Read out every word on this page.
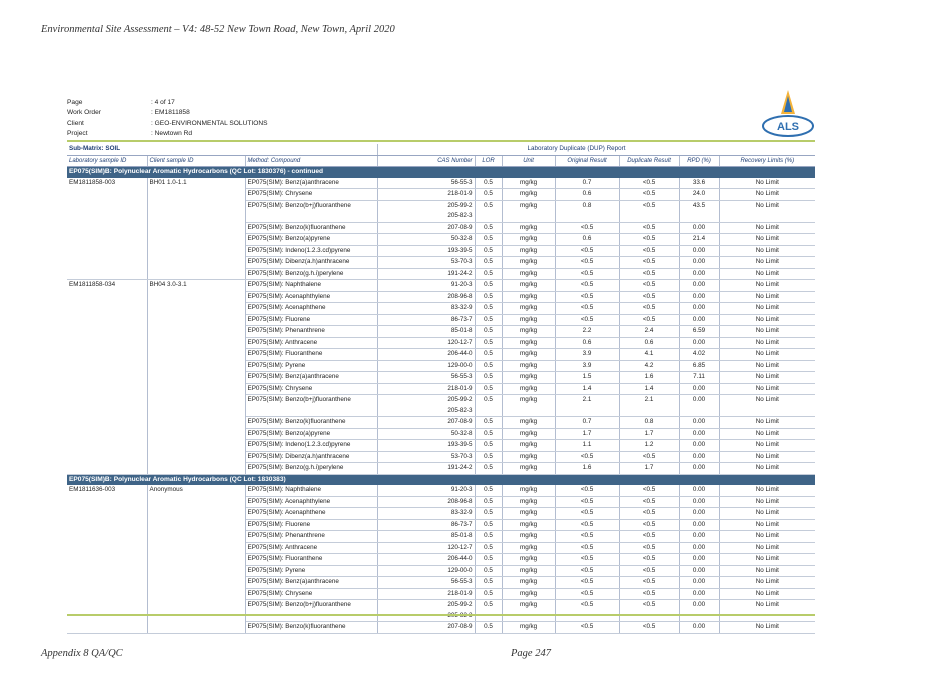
Environmental Site Assessment – V4: 48-52 New Town Road, New Town, April 2020
Page	: 4 of 17
Work Order	: EM1811858
Client	: GEO-ENVIRONMENTAL SOLUTIONS
Project	: Newtown Rd
ALS
Sub-Matrix: SOIL			Laboratory Duplicate (DUP) Report						
Laboratory sample ID	Client sample ID	Method: Compound	CAS Number	LOR	Unit	Original Result	Duplicate Result	RPD (%)	Recovery Limits (%)
EP075(SIM)B: Polynuclear Aromatic Hydrocarbons (QC Lot: 1830376) - continued									
EM1811858-003	BH01 1.0-1.1	EP075(SIM): Benz(a)anthracene	56-55-3	0.5	mg/kg	0.7	<0.5	33.6	No Limit
		EP075(SIM): Chrysene	218-01-9	0.5	mg/kg	0.6	<0.5	24.0	No Limit
		EP075(SIM): Benzo(b+j)fluoranthene	205-99-2 205-82-3	0.5	mg/kg	0.8	<0.5	43.5	No Limit
		EP075(SIM): Benzo(k)fluoranthene	207-08-9	0.5	mg/kg	<0.5	<0.5	0.00	No Limit
		EP075(SIM): Benzo(a)pyrene	50-32-8	0.5	mg/kg	0.6	<0.5	21.4	No Limit
		EP075(SIM): Indeno(1.2.3.cd)pyrene	193-39-5	0.5	mg/kg	<0.5	<0.5	0.00	No Limit
		EP075(SIM): Dibenz(a.h)anthracene	53-70-3	0.5	mg/kg	<0.5	<0.5	0.00	No Limit
		EP075(SIM): Benzo(g.h.i)perylene	191-24-2	0.5	mg/kg	<0.5	<0.5	0.00	No Limit
EM1811858-034	BH04 3.0-3.1	EP075(SIM): Naphthalene	91-20-3	0.5	mg/kg	<0.5	<0.5	0.00	No Limit
		EP075(SIM): Acenaphthylene	208-96-8	0.5	mg/kg	<0.5	<0.5	0.00	No Limit
		EP075(SIM): Acenaphthene	83-32-9	0.5	mg/kg	<0.5	<0.5	0.00	No Limit
		EP075(SIM): Fluorene	86-73-7	0.5	mg/kg	<0.5	<0.5	0.00	No Limit
		EP075(SIM): Phenanthrene	85-01-8	0.5	mg/kg	2.2	2.4	6.59	No Limit
		EP075(SIM): Anthracene	120-12-7	0.5	mg/kg	0.6	0.6	0.00	No Limit
		EP075(SIM): Fluoranthene	206-44-0	0.5	mg/kg	3.9	4.1	4.02	No Limit
		EP075(SIM): Pyrene	129-00-0	0.5	mg/kg	3.9	4.2	6.85	No Limit
		EP075(SIM): Benz(a)anthracene	56-55-3	0.5	mg/kg	1.5	1.6	7.11	No Limit
		EP075(SIM): Chrysene	218-01-9	0.5	mg/kg	1.4	1.4	0.00	No Limit
		EP075(SIM): Benzo(b+j)fluoranthene	205-99-2 205-82-3	0.5	mg/kg	2.1	2.1	0.00	No Limit
		EP075(SIM): Benzo(k)fluoranthene	207-08-9	0.5	mg/kg	0.7	0.8	0.00	No Limit
		EP075(SIM): Benzo(a)pyrene	50-32-8	0.5	mg/kg	1.7	1.7	0.00	No Limit
		EP075(SIM): Indeno(1.2.3.cd)pyrene	193-39-5	0.5	mg/kg	1.1	1.2	0.00	No Limit
		EP075(SIM): Dibenz(a.h)anthracene	53-70-3	0.5	mg/kg	<0.5	<0.5	0.00	No Limit
		EP075(SIM): Benzo(g.h.i)perylene	191-24-2	0.5	mg/kg	1.6	1.7	0.00	No Limit
EP075(SIM)B: Polynuclear Aromatic Hydrocarbons (QC Lot: 1830383)									
EM1811636-003	Anonymous	EP075(SIM): Naphthalene	91-20-3	0.5	mg/kg	<0.5	<0.5	0.00	No Limit
		EP075(SIM): Acenaphthylene	208-96-8	0.5	mg/kg	<0.5	<0.5	0.00	No Limit
		EP075(SIM): Acenaphthene	83-32-9	0.5	mg/kg	<0.5	<0.5	0.00	No Limit
		EP075(SIM): Fluorene	86-73-7	0.5	mg/kg	<0.5	<0.5	0.00	No Limit
		EP075(SIM): Phenanthrene	85-01-8	0.5	mg/kg	<0.5	<0.5	0.00	No Limit
		EP075(SIM): Anthracene	120-12-7	0.5	mg/kg	<0.5	<0.5	0.00	No Limit
		EP075(SIM): Fluoranthene	206-44-0	0.5	mg/kg	<0.5	<0.5	0.00	No Limit
		EP075(SIM): Pyrene	129-00-0	0.5	mg/kg	<0.5	<0.5	0.00	No Limit
		EP075(SIM): Benz(a)anthracene	56-55-3	0.5	mg/kg	<0.5	<0.5	0.00	No Limit
		EP075(SIM): Chrysene	218-01-9	0.5	mg/kg	<0.5	<0.5	0.00	No Limit
		EP075(SIM): Benzo(b+j)fluoranthene	205-99-2	0.5	mg/kg	<0.5	<0.5	0.00	No Limit
		EP075(SIM): Benzo(k)fluoranthene	207-08-9	0.5	mg/kg	<0.5	<0.5	0.00	No Limit
Appendix 8 QA/QC	Page 247
